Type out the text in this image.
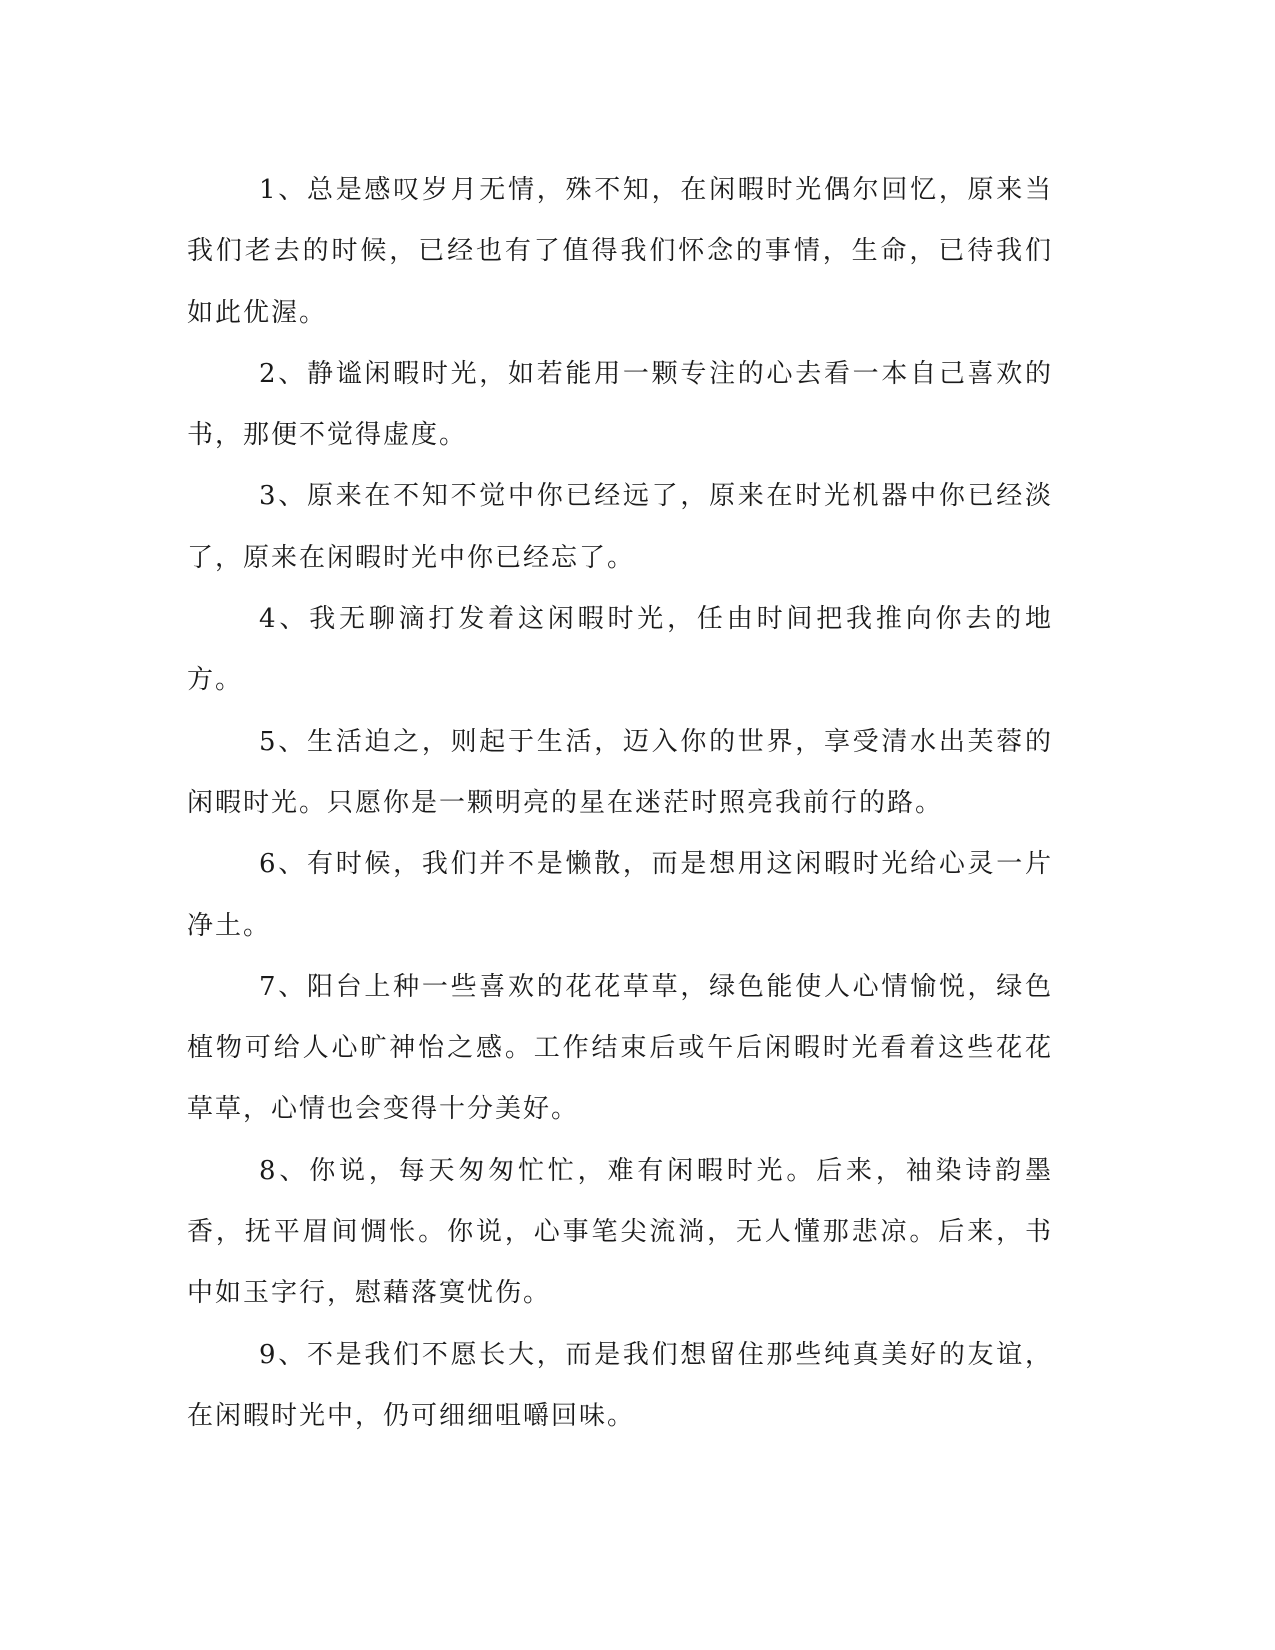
1、总是感叹岁月无情，殊不知，在闲暇时光偶尔回忆，原来当我们老去的时候，已经也有了值得我们怀念的事情，生命，已待我们如此优渥。

2、静谧闲暇时光，如若能用一颗专注的心去看一本自己喜欢的书，那便不觉得虚度。

3、原来在不知不觉中你已经远了，原来在时光机器中你已经淡了，原来在闲暇时光中你已经忘了。

4、我无聊滴打发着这闲暇时光，任由时间把我推向你去的地方。

5、生活迫之，则起于生活，迈入你的世界，享受清水出芙蓉的闲暇时光。只愿你是一颗明亮的星在迷茫时照亮我前行的路。

6、有时候，我们并不是懒散，而是想用这闲暇时光给心灵一片净土。

7、阳台上种一些喜欢的花花草草，绿色能使人心情愉悦，绿色植物可给人心旷神怡之感。工作结束后或午后闲暇时光看着这些花花草草，心情也会变得十分美好。

8、你说，每天匆匆忙忙，难有闲暇时光。后来，袖染诗韵墨香，抚平眉间惆怅。你说，心事笔尖流淌，无人懂那悲凉。后来，书中如玉字行，慰藉落寞忧伤。

9、不是我们不愿长大，而是我们想留住那些纯真美好的友谊，在闲暇时光中，仍可细细咀嚼回味。
